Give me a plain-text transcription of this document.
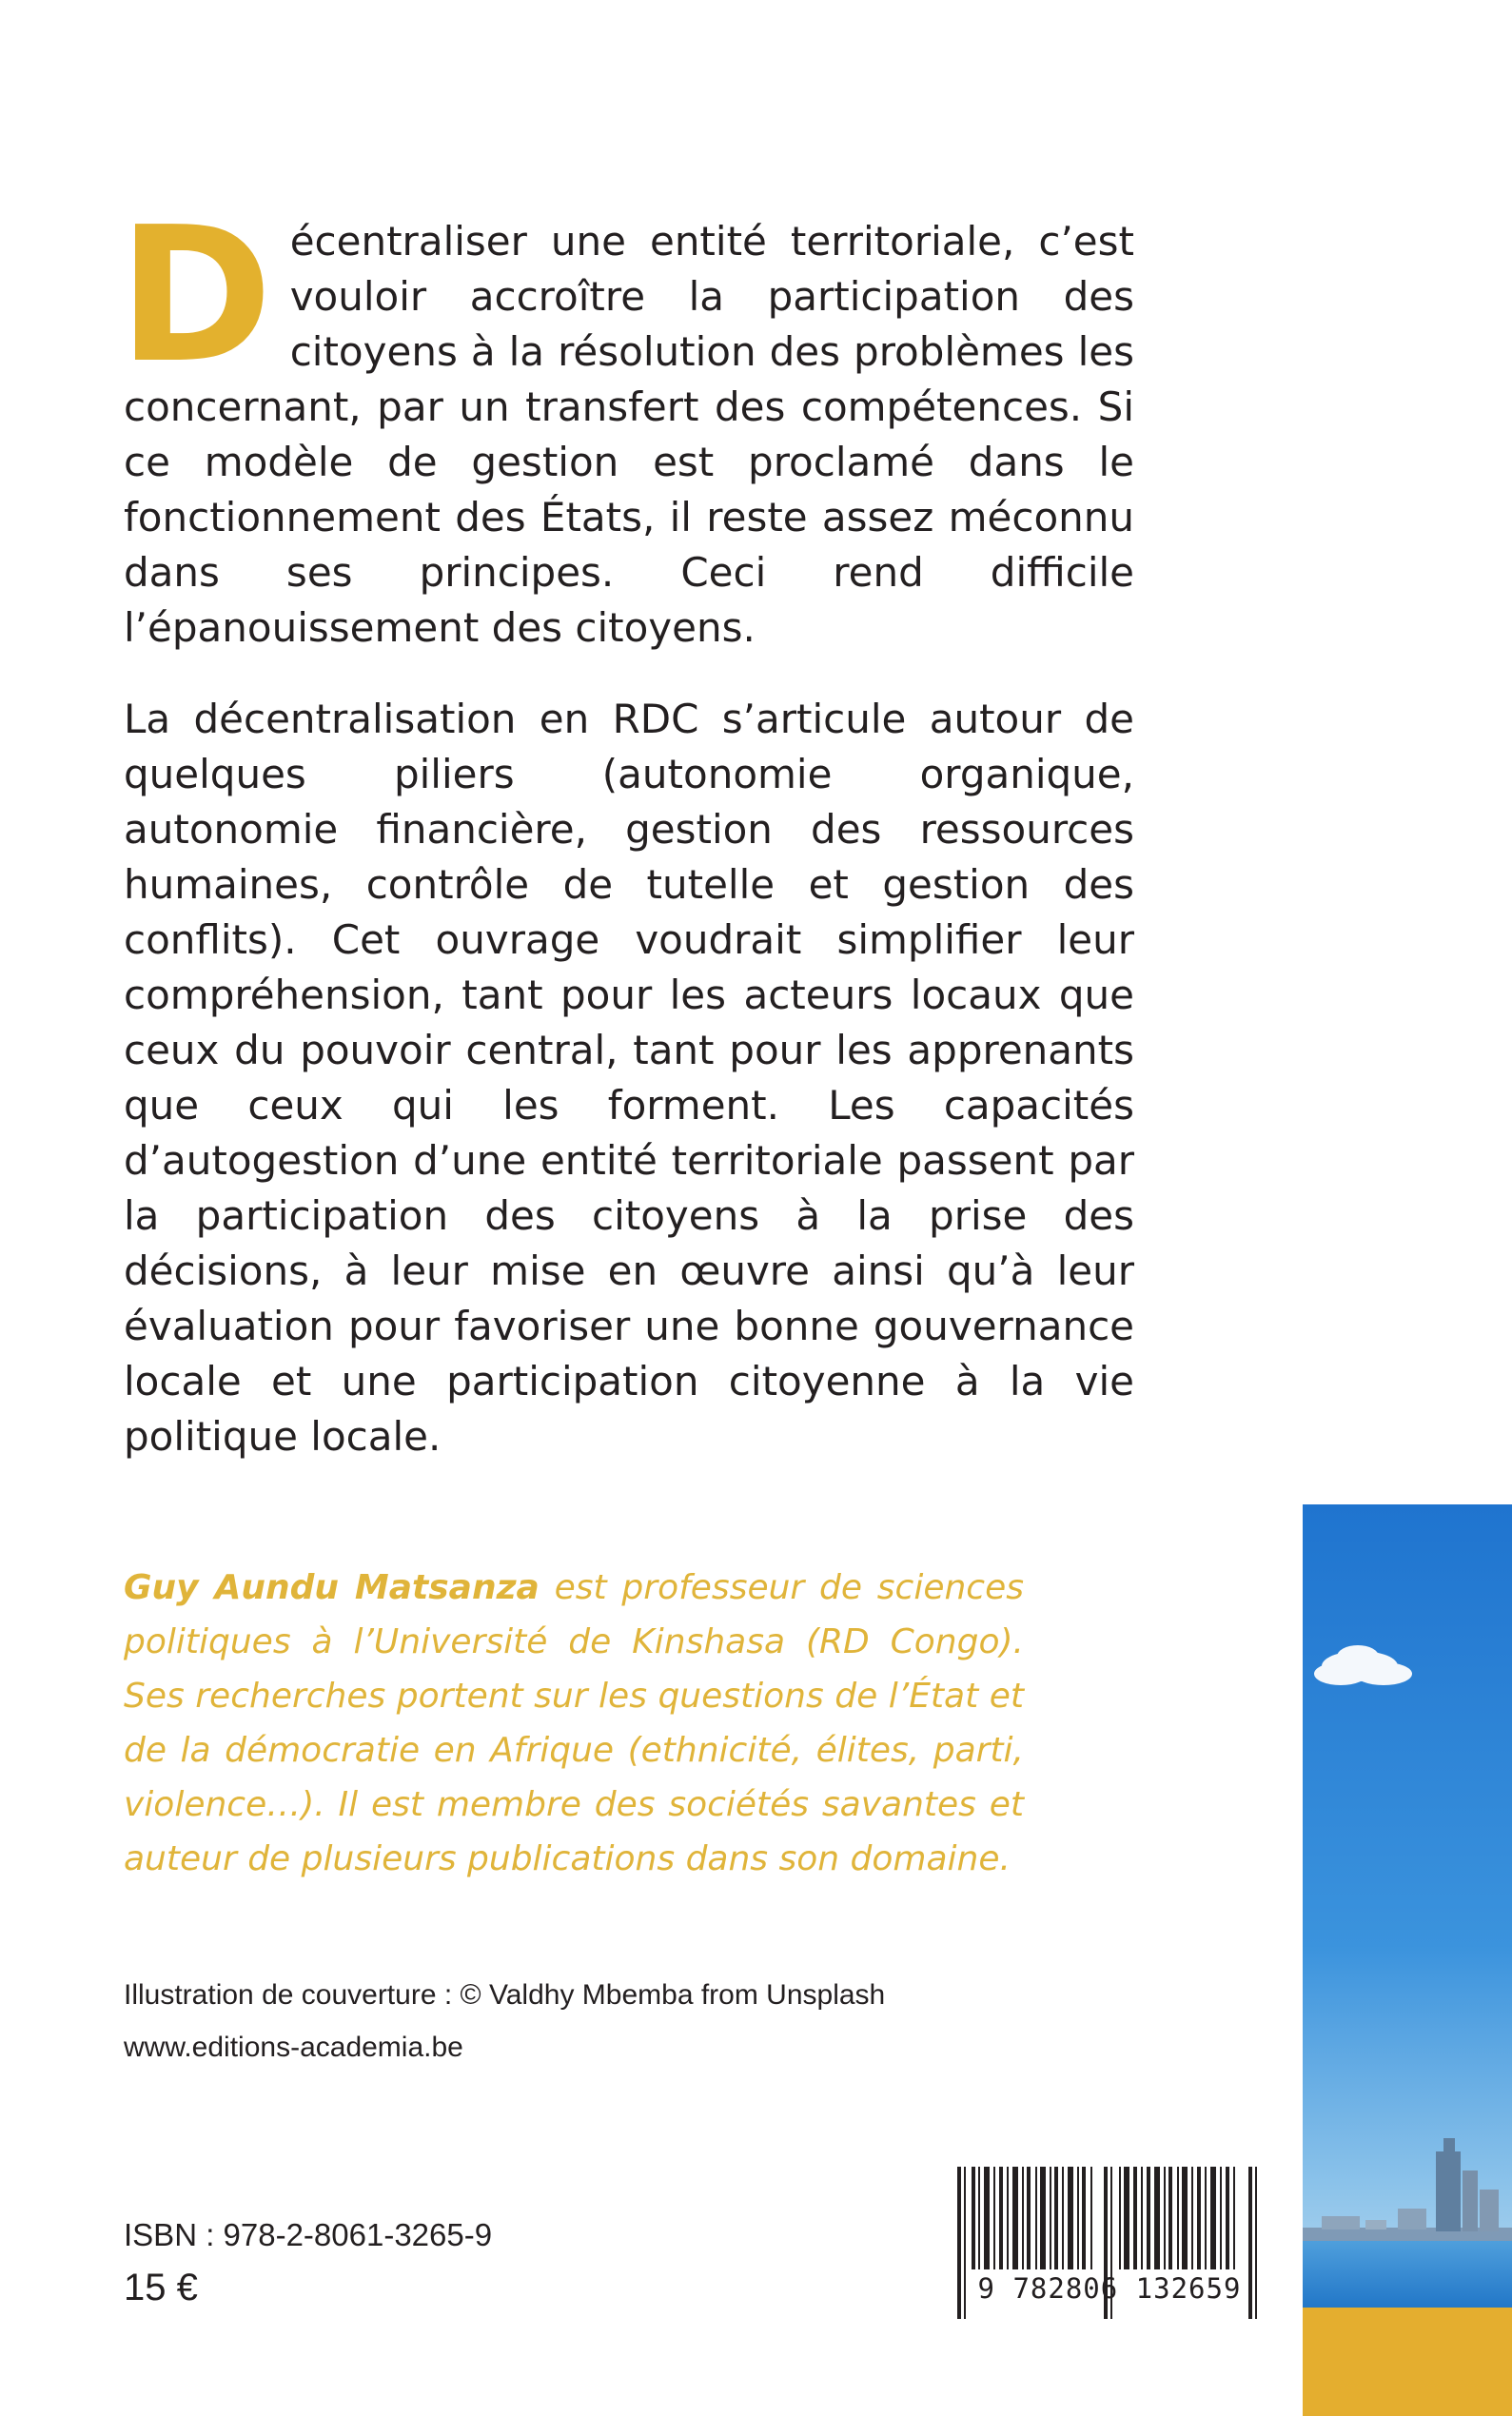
Décentraliser une entité territoriale, c’est vouloir accroître la participation des citoyens à la résolution des problèmes les concernant, par un transfert des compétences. Si ce modèle de gestion est proclamé dans le fonctionnement des États, il reste assez méconnu dans ses principes. Ceci rend difficile l’épanouissement des citoyens.

La décentralisation en RDC s’articule autour de quelques piliers (autonomie organique, autonomie financière, gestion des ressources humaines, contrôle de tutelle et gestion des conflits). Cet ouvrage voudrait simplifier leur compréhension, tant pour les acteurs locaux que ceux du pouvoir central, tant pour les apprenants que ceux qui les forment. Les capacités d’autogestion d’une entité territoriale passent par la participation des citoyens à la prise des décisions, à leur mise en œuvre ainsi qu’à leur évaluation pour favoriser une bonne gouvernance locale et une participation citoyenne à la vie politique locale.

Guy Aundu Matsanza est professeur de sciences politiques à l’Université de Kinshasa (RD Congo). Ses recherches portent sur les questions de l’État et de la démocratie en Afrique (ethnicité, élites, parti, violence…). Il est membre des sociétés savantes et auteur de plusieurs publications dans son domaine.

Illustration de couverture : © Valdhy Mbemba from Unsplash

www.editions-academia.be

ISBN : 978-2-8061-3265-9

15 €	9 782806 132659
